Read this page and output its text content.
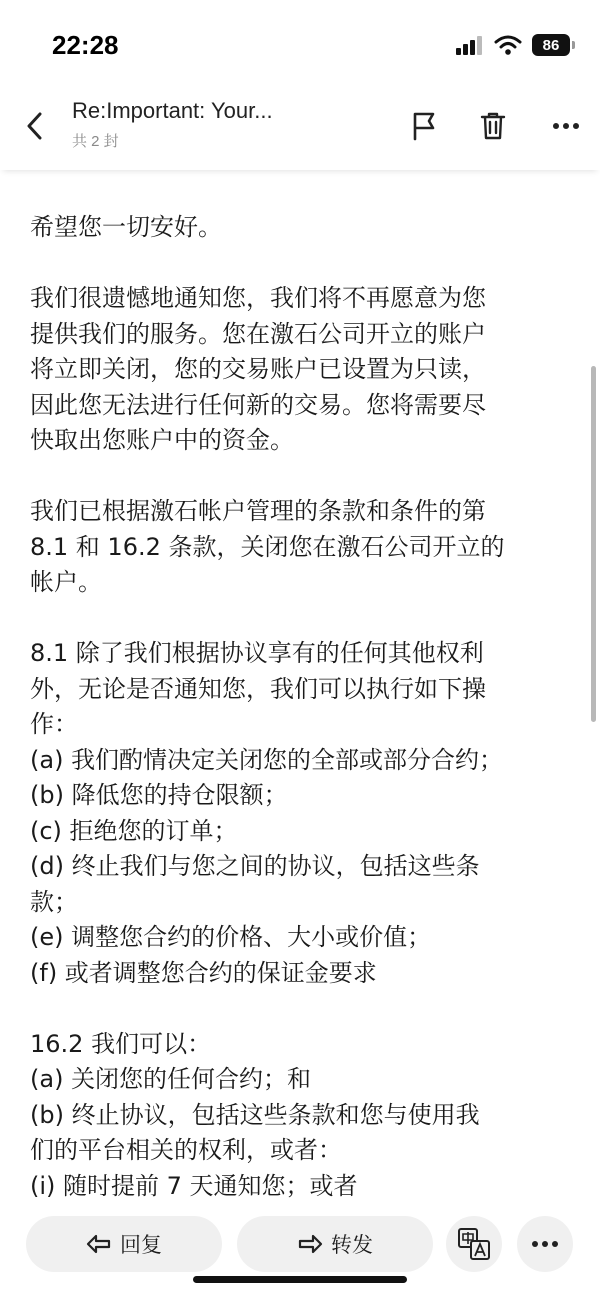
22:28	86
Re:Important: Your...
共 2 封

希望您一切安好。

我们很遗憾地通知您，我们将不再愿意为您
提供我们的服务。您在激石公司开立的账户
将立即关闭，您的交易账户已设置为只读，
因此您无法进行任何新的交易。您将需要尽
快取出您账户中的资金。

我们已根据激石帐户管理的条款和条件的第
8.1 和 16.2 条款，关闭您在激石公司开立的
帐户。

8.1 除了我们根据协议享有的任何其他权利
外，无论是否通知您，我们可以执行如下操
作：
(a) 我们酌情决定关闭您的全部或部分合约；
(b) 降低您的持仓限额；
(c) 拒绝您的订单；
(d) 终止我们与您之间的协议，包括这些条
款；
(e) 调整您合约的价格、大小或价值；
(f) 或者调整您合约的保证金要求

16.2 我们可以：
(a) 关闭您的任何合约；和
(b) 终止协议，包括这些条款和您与使用我
们的平台相关的权利，或者：
(i) 随时提前 7 天通知您；或者

回复	转发
